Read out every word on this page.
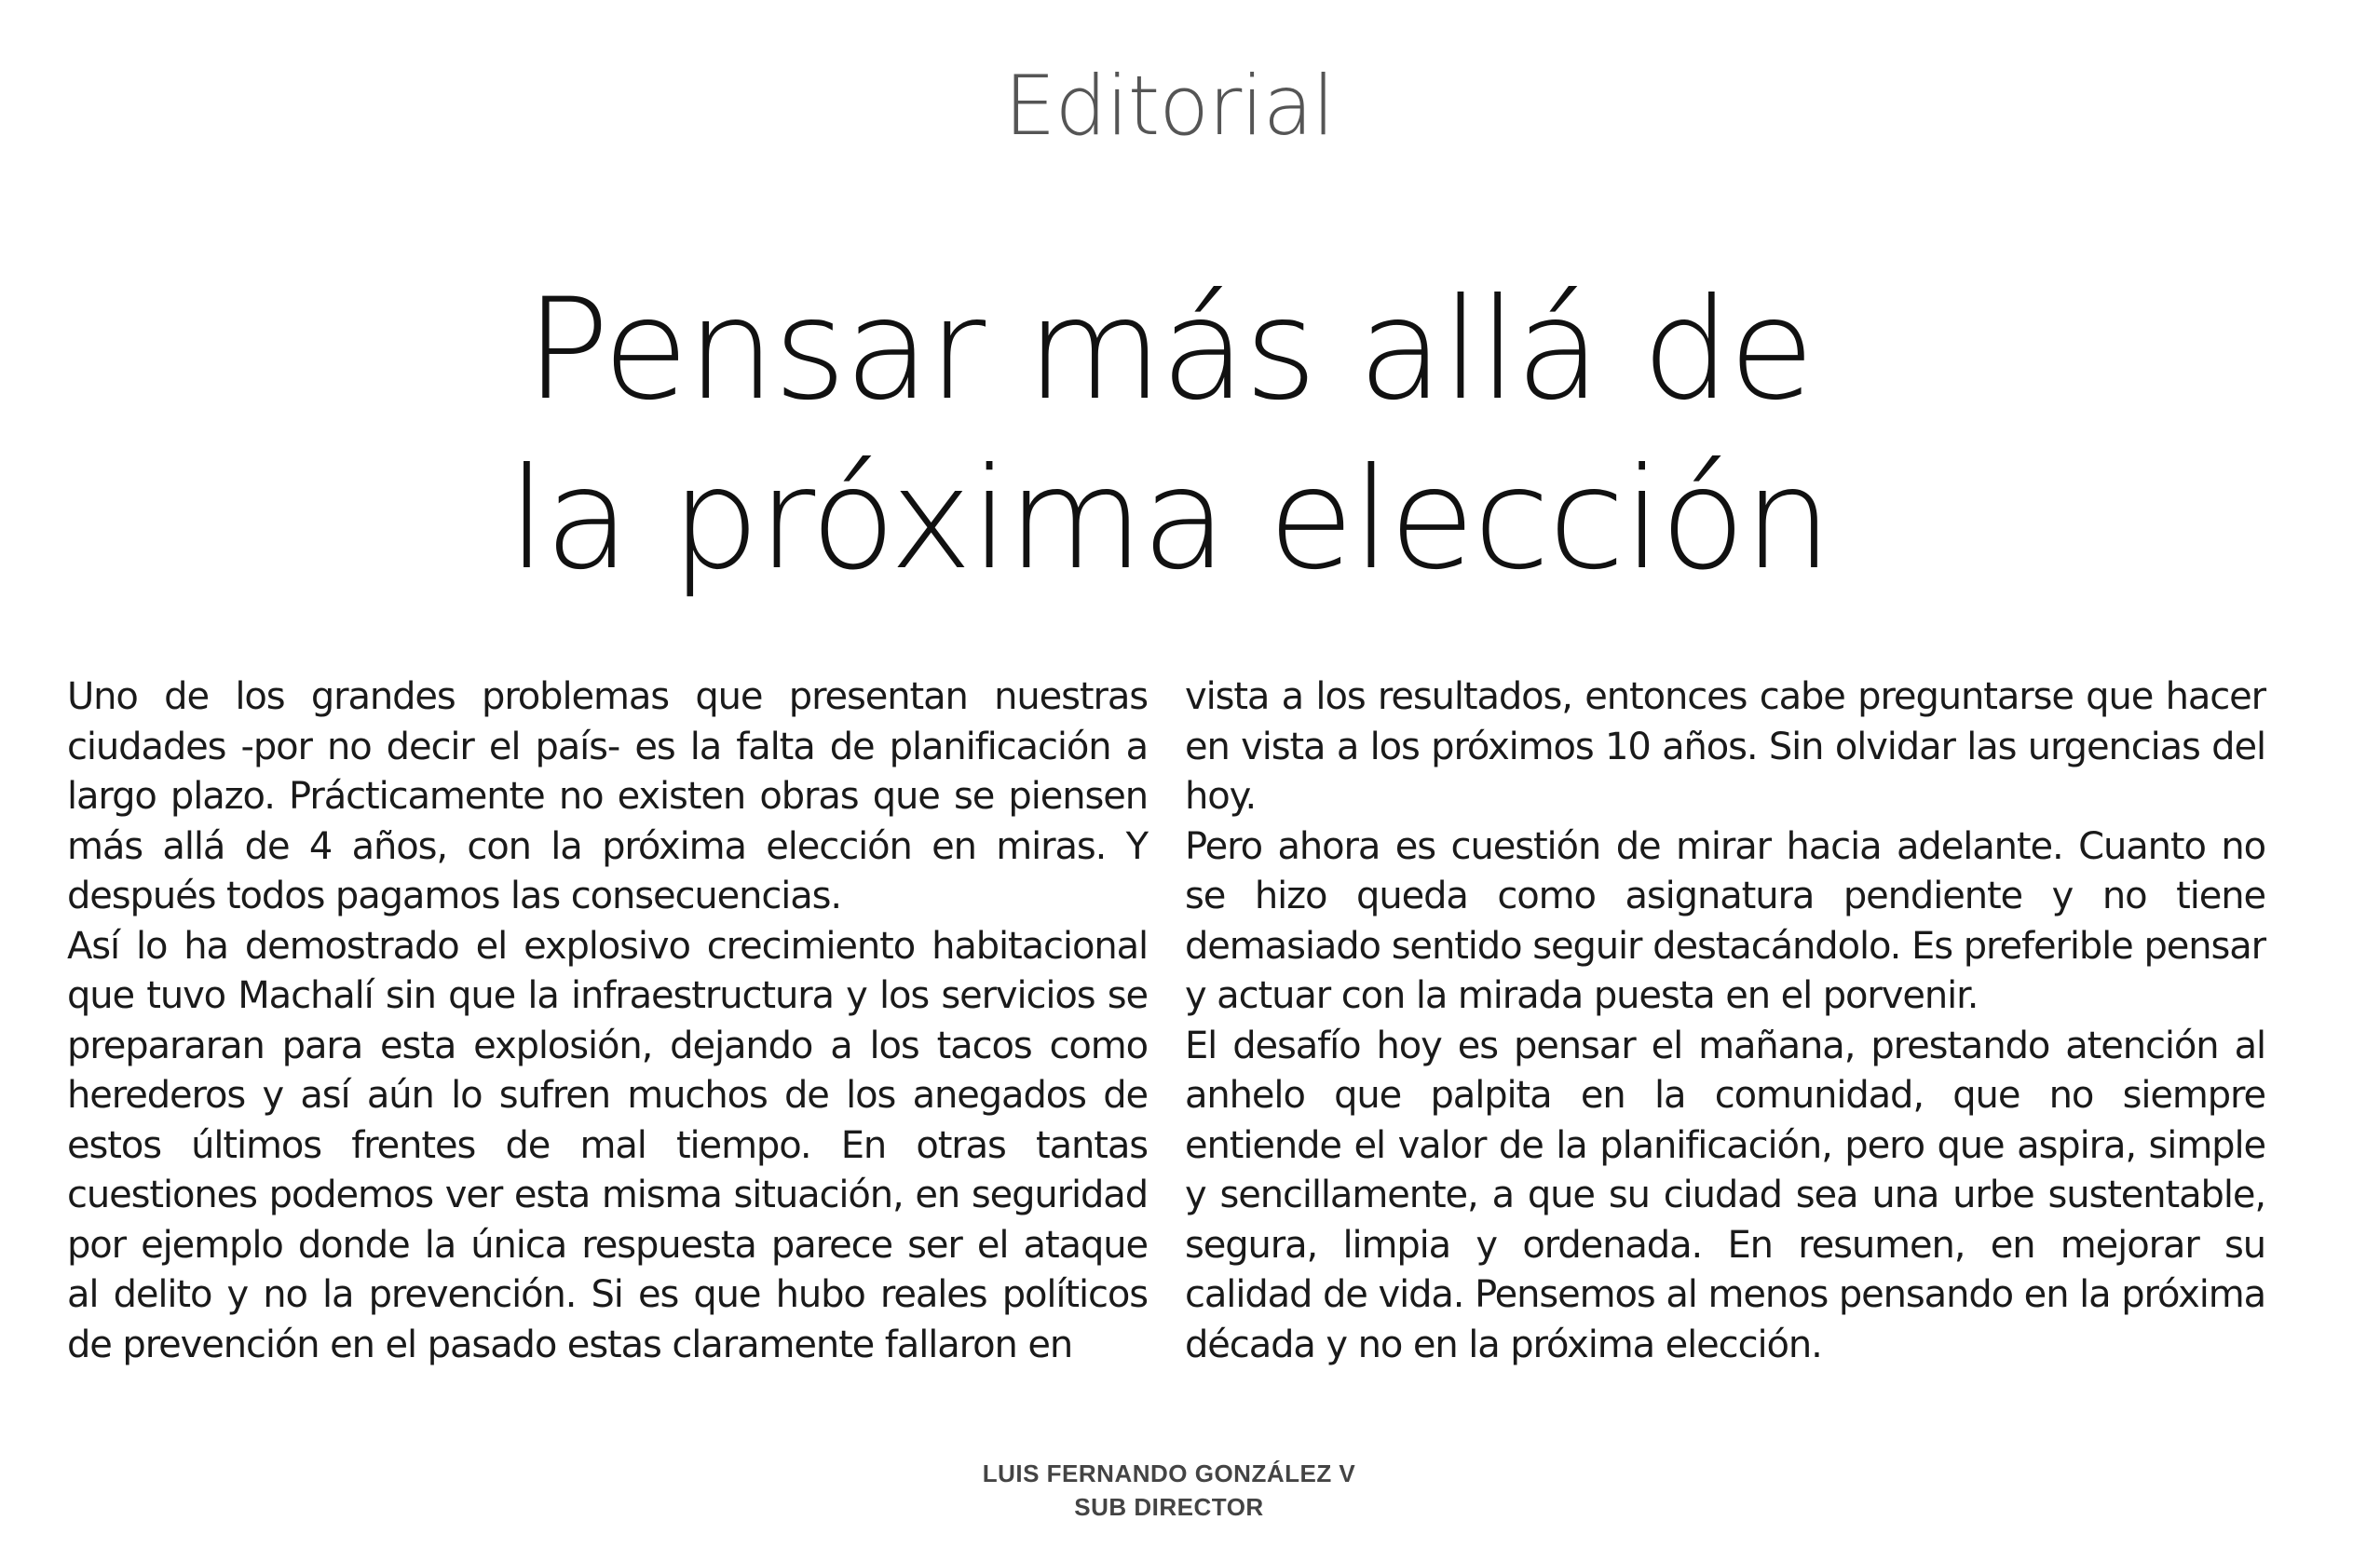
Editorial
Pensar más allá de
la próxima elección

Uno de los grandes problemas que presentan nuestras ciudades -por no decir el país- es la falta de planificación a largo plazo. Prácticamente no existen obras que se piensen más allá de 4 años, con la próxima elección en miras. Y después todos pagamos las consecuencias.

Así lo ha demostrado el explosivo crecimiento habitacional que tuvo Machalí sin que la infraestructura y los servicios se prepararan para esta explosión, dejando a los tacos como herederos y así aún lo sufren muchos de los anegados de estos últimos frentes de mal tiempo. En otras tantas cuestiones podemos ver esta misma situación, en seguridad por ejemplo donde la única respuesta parece ser el ataque al delito y no la prevención. Si es que hubo reales políticos de prevención en el pasado estas claramente fallaron en

vista a los resultados, entonces cabe preguntarse que hacer en vista a los próximos 10 años. Sin olvidar las urgencias del hoy.

Pero ahora es cuestión de mirar hacia adelante. Cuanto no se hizo queda como asignatura pendiente y no tiene demasiado sentido seguir destacándolo. Es preferible pensar y actuar con la mirada puesta en el porvenir.

El desafío hoy es pensar el mañana, prestando atención al anhelo que palpita en la comunidad, que no siempre entiende el valor de la planificación, pero que aspira, simple y sencillamente, a que su ciudad sea una urbe sustentable, segura, limpia y ordenada. En resumen, en mejorar su calidad de vida. Pensemos al menos pensando en la próxima década y no en la próxima elección.

LUIS FERNANDO GONZÁLEZ V
SUB DIRECTOR
